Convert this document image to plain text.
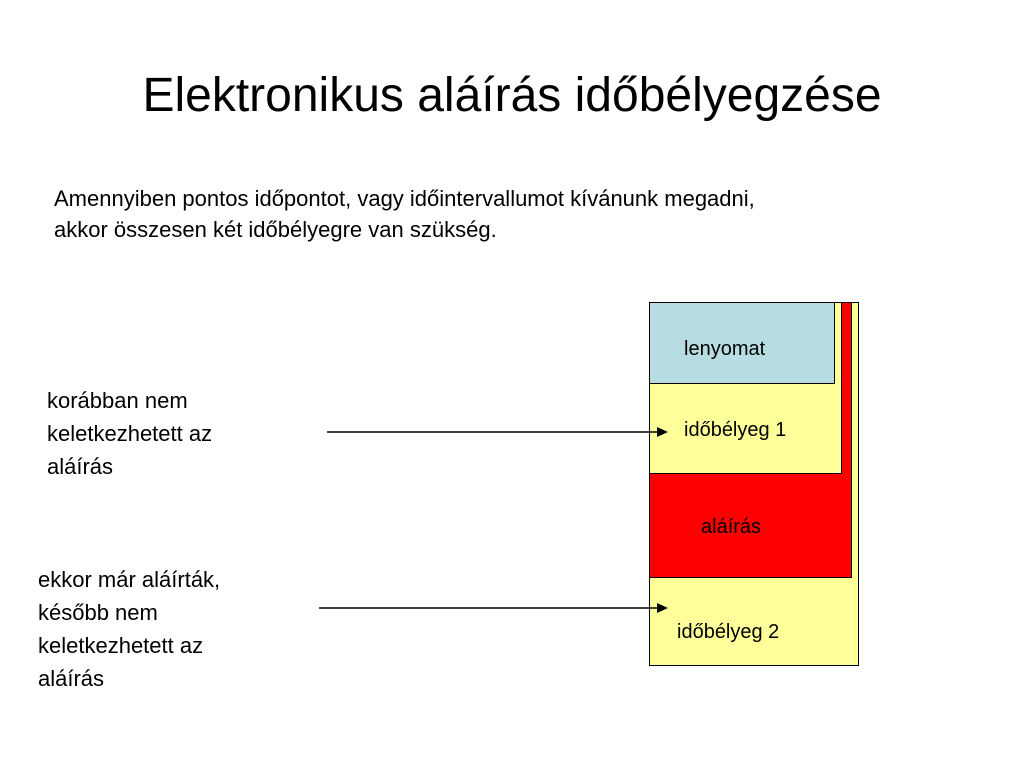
Elektronikus aláírás időbélyegzése
Amennyiben pontos időpontot, vagy időintervallumot kívánunk megadni,
akkor összesen két időbélyegre van szükség.
korábban nem
keletkezhetett az
aláírás
ekkor már aláírták,
később nem
keletkezhetett az
aláírás
lenyomat
időbélyeg 1
aláírás
időbélyeg 2
